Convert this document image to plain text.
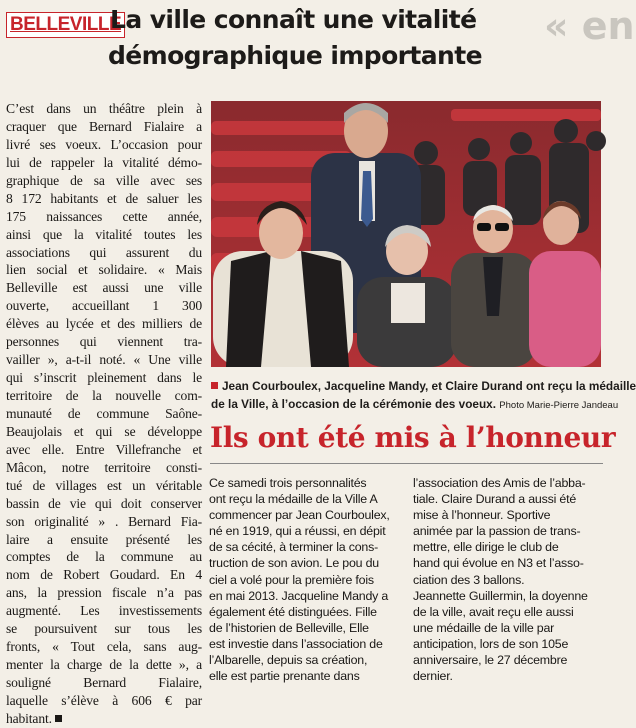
BELLEVILLE
La ville connaît une vitalité
démographique importante
« en
C’est dans un théâtre plein à
craquer que Bernard Fialaire a
livré ses voeux. L’occasion pour
lui de rappeler la vitalité démo-
graphique de sa ville avec ses
8 172 habitants et de saluer les
175 naissances cette année,
ainsi que la vitalité toutes les
associations qui assurent du
lien social et solidaire. « Mais
Belleville est aussi une ville
ouverte, accueillant 1 300
élèves au lycée et des milliers de
personnes qui viennent tra-
vailler », a-t-il noté. « Une ville
qui s’inscrit pleinement dans le
territoire de la nouvelle com-
munauté de commune Saône-
Beaujolais et qui se développe
avec elle. Entre Villefranche et
Mâcon, notre territoire consti-
tué de villages est un véritable
bassin de vie qui doit conserver
son originalité » . Bernard Fia-
laire a ensuite présenté les
comptes de la commune au
nom de Robert Goudard. En 4
ans, la pression fiscale n’a pas
augmenté. Les investissements
se poursuivent sur tous les
fronts, « Tout cela, sans aug-
menter la charge de la dette », a
souligné Bernard Fialaire,
laquelle s’élève à 606 € par
habitant.
Jean Courboulex, Jacqueline Mandy, et Claire Durand ont reçu la médaille
de la Ville, à l’occasion de la cérémonie des voeux. Photo Marie-Pierre Jandeau
Ils ont été mis à l’honneur
Ce samedi trois personnalités
ont reçu la médaille de la Ville A
commencer par Jean Courboulex,
né en 1919, qui a réussi, en dépit
de sa cécité, à terminer la cons-
truction de son avion. Le pou du
ciel a volé pour la première fois
en mai 2013. Jacqueline Mandy a
également été distinguées. Fille
de l’historien de Belleville, Elle
est investie dans l’association de
l’Albarelle, depuis sa création,
elle est partie prenante dans
l’association des Amis de l’abba-
tiale. Claire Durand a aussi été
mise à l’honneur. Sportive
animée par la passion de trans-
mettre, elle dirige le club de
hand qui évolue en N3 et l’asso-
ciation des 3 ballons.
Jeannette Guillermin, la doyenne
de la ville, avait reçu elle aussi
une médaille de la ville par
anticipation, lors de son 105e
anniversaire, le 27 décembre
dernier.
